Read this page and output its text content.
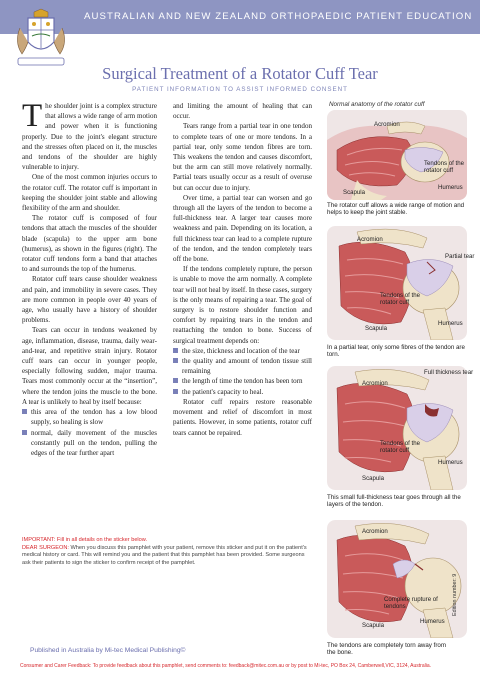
AUSTRALIAN AND NEW ZEALAND ORTHOPAEDIC PATIENT EDUCATION
Surgical Treatment of a Rotator Cuff Tear
PATIENT INFORMATION TO ASSIST INFORMED CONSENT

The shoulder joint is a complex structure that allows a wide range of arm motion and power when it is functioning properly. Due to the joint's elegant structure and the stresses often placed on it, the muscles and tendons of the shoulder are highly vulnerable to injury.

One of the most common injuries occurs to the rotator cuff. The rotator cuff is important in keeping the shoulder joint stable and allowing flexibility of the arm and shoulder.

The rotator cuff is composed of four tendons that attach the muscles of the shoulder blade (scapula) to the upper arm bone (humerus), as shown in the figures (right). The rotator cuff tendons form a band that attaches to and surrounds the top of the humerus.

Rotator cuff tears cause shoulder weakness and pain, and immobility in severe cases. They are more common in people over 40 years of age, who usually have a history of shoulder problems.

Tears can occur in tendons weakened by age, inflammation, disease, trauma, daily wear-and-tear, and repetitive strain injury. Rotator cuff tears can occur in younger people, especially following sudden, major trauma. Tears most commonly occur at the “insertion”, where the tendon joins the muscle to the bone. A tear is unlikely to heal by itself because:

this area of the tendon has a low blood supply, so healing is slow

normal, daily movement of the muscles constantly pull on the tendon, pulling the edges of the tear further apart

and limiting the amount of healing that can occur.

Tears range from a partial tear in one tendon to complete tears of one or more tendons. In a partial tear, only some tendon fibres are torn. This weakens the tendon and causes discomfort, but the arm can still move relatively normally. Partial tears usually occur as a result of overuse but can occur due to injury.

Over time, a partial tear can worsen and go through all the layers of the tendon to become a full-thickness tear. A larger tear causes more weakness and pain. Depending on its location, a full thickness tear can lead to a complete rupture of the tendon, and the tendon completely tears off the bone.

If the tendons completely rupture, the person is unable to move the arm normally. A complete tear will not heal by itself. In these cases, surgery is the only means of repairing a tear. The goal of surgery is to restore shoulder function and comfort by repairing tears in the tendon and reattaching the tendon to bone. Success of surgical treatment depends on:

the size, thickness and location of the tear

the quality and amount of tendon tissue still remaining

the length of time the tendon has been torn

the patient's capacity to heal.

Rotator cuff repairs restore reasonable movement and relief of discomfort in most patients. However, in some patients, rotator cuff tears cannot be repaired.

Normal anatomy of the rotator cuff
Acromion
Tendons of the rotator cuff
Humerus
Scapula
The rotator cuff allows a wide range of motion and helps to keep the joint stable.
Acromion
Partial tear
Tendons of the rotator cuff
Humerus
Scapula
In a partial tear, only some fibres of the tendon are torn.
Full thickness tear
Acromion
Tendons of the rotator cuff
Humerus
Scapula
This small full-thickness tear goes through all the layers of the tendon.
Acromion
Complete rupture of tendons
Humerus
Scapula
The tendons are completely torn away from the bone.
IMPORTANT: Fill in all details on the sticker below.
DEAR SURGEON: When you discuss this pamphlet with your patient, remove this sticker and put it on the patient's medical history or card. This will remind you and the patient that this pamphlet has been provided. Some surgeons ask their patients to sign the sticker to confirm receipt of the pamphlet.
Published in Australia by Mi-tec Medical Publishing©
Edition number: 9
Consumer and Carer Feedback: To provide feedback about this pamphlet, send comments to: feedback@mitec.com.au or by post to Mi-tec, PO Box 24, Camberwell,VIC, 3124, Australia.
